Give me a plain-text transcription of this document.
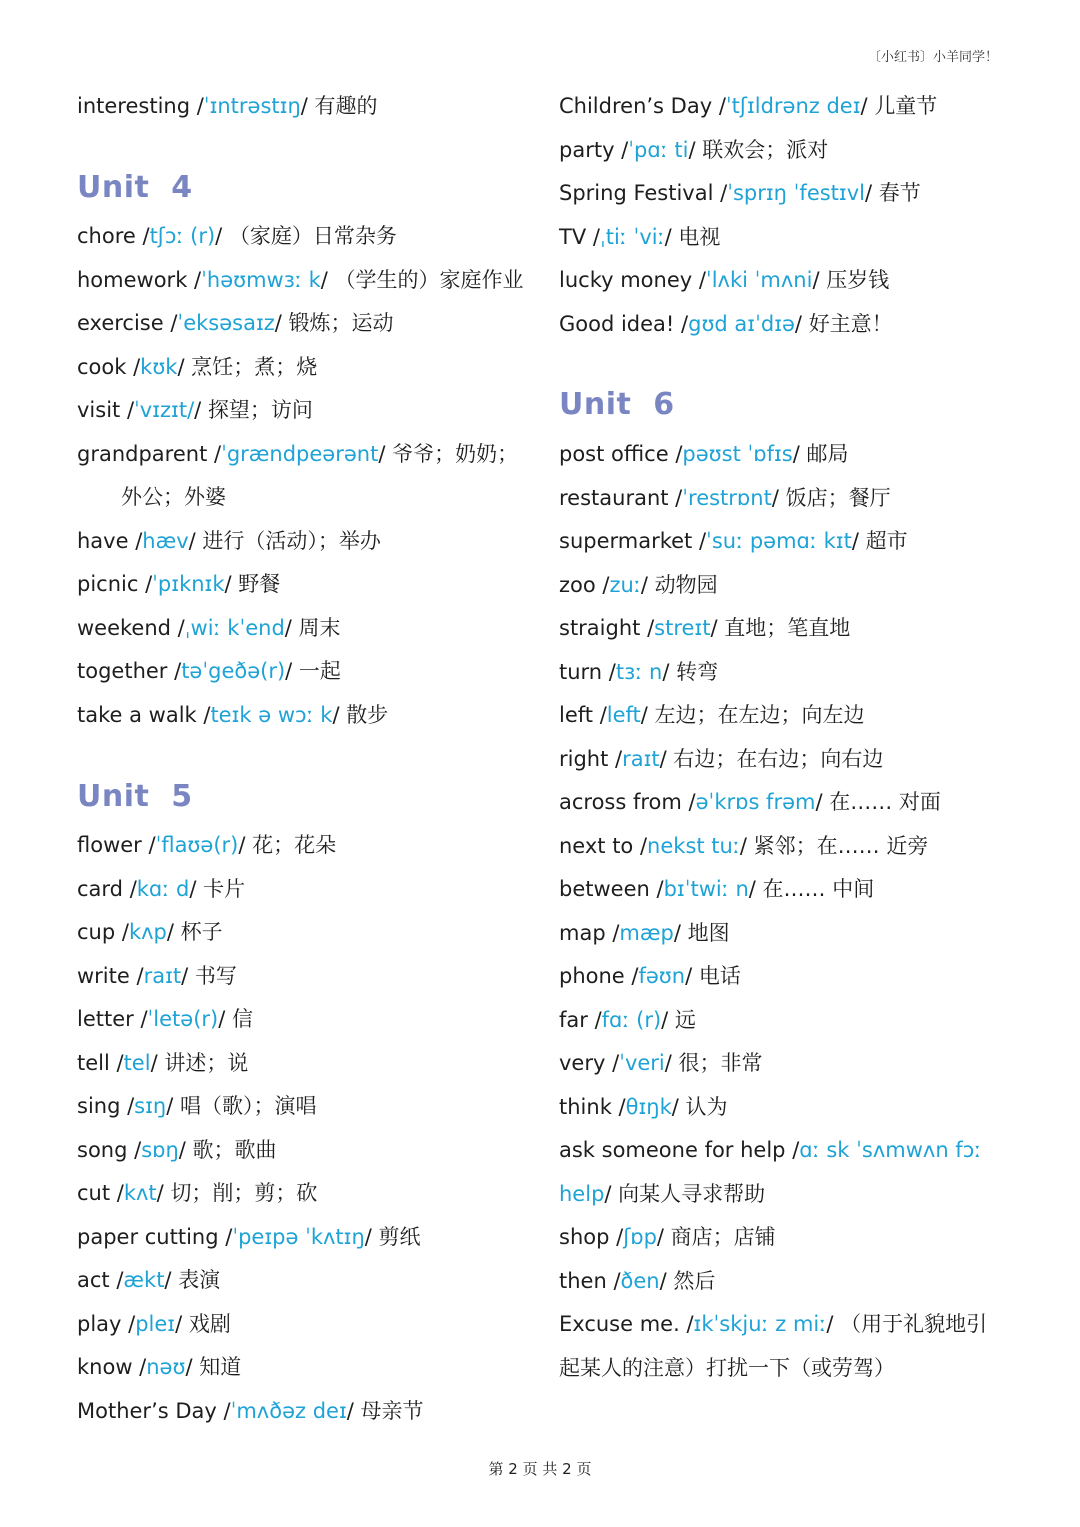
〔小红书〕小羊同学！
interesting /ˈɪntrəstɪŋ/ 有趣的
Unit  4
chore /tʃɔː (r)/ （家庭）日常杂务
homework /ˈhəʊmwɜː k/ （学生的）家庭作业
exercise /ˈeksəsaɪz/ 锻炼；运动
cook /kʊk/ 烹饪；煮；烧
visit /ˈvɪzɪt// 探望；访问
grandparent /ˈgrændpeərənt/ 爷爷；奶奶；
外公；外婆
have /hæv/ 进行（活动）；举办
picnic /ˈpɪknɪk/ 野餐
weekend /ˌwiː kˈend/ 周末
together /təˈgeðə(r)/ 一起
take a walk /teɪk ə wɔː k/ 散步
Unit  5
flower /ˈflaʊə(r)/ 花；花朵
card /kɑː d/ 卡片
cup /kʌp/ 杯子
write /raɪt/ 书写
letter /ˈletə(r)/ 信
tell /tel/ 讲述；说
sing /sɪŋ/ 唱（歌）；演唱
song /sɒŋ/ 歌；歌曲
cut /kʌt/ 切；削；剪；砍
paper cutting /ˈpeɪpə ˈkʌtɪŋ/ 剪纸
act /ækt/ 表演
play /pleɪ/ 戏剧
know /nəʊ/ 知道
Mother’s Day /ˈmʌðəz deɪ/ 母亲节
Children’s Day /ˈtʃɪldrənz deɪ/ 儿童节
party /ˈpɑː ti/ 联欢会；派对
Spring Festival /ˈsprɪŋ ˈfestɪvl/ 春节
TV /ˌtiː ˈviː/ 电视
lucky money /ˈlʌki ˈmʌni/ 压岁钱
Good idea! /gʊd aɪˈdɪə/ 好主意！
Unit  6
post office /pəʊst ˈɒfɪs/ 邮局
restaurant /ˈrestrɒnt/ 饭店；餐厅
supermarket /ˈsuː pəmɑː kɪt/ 超市
zoo /zuː/ 动物园
straight /streɪt/ 直地；笔直地
turn /tɜː n/ 转弯
left /left/ 左边；在左边；向左边
right /raɪt/ 右边；在右边；向右边
across from /əˈkrɒs frəm/ 在…… 对面
next to /nekst tuː/ 紧邻；在…… 近旁
between /bɪˈtwiː n/ 在…… 中间
map /mæp/ 地图
phone /fəʊn/ 电话
far /fɑː (r)/ 远
very /ˈveri/ 很；非常
think /θɪŋk/ 认为
ask someone for help /ɑː sk ˈsʌmwʌn fɔː
help/ 向某人寻求帮助
shop /ʃɒp/ 商店；店铺
then /ðen/ 然后
Excuse me. /ɪkˈskjuː z miː/ （用于礼貌地引
起某人的注意）打扰一下（或劳驾）
第 2 页 共 2 页
